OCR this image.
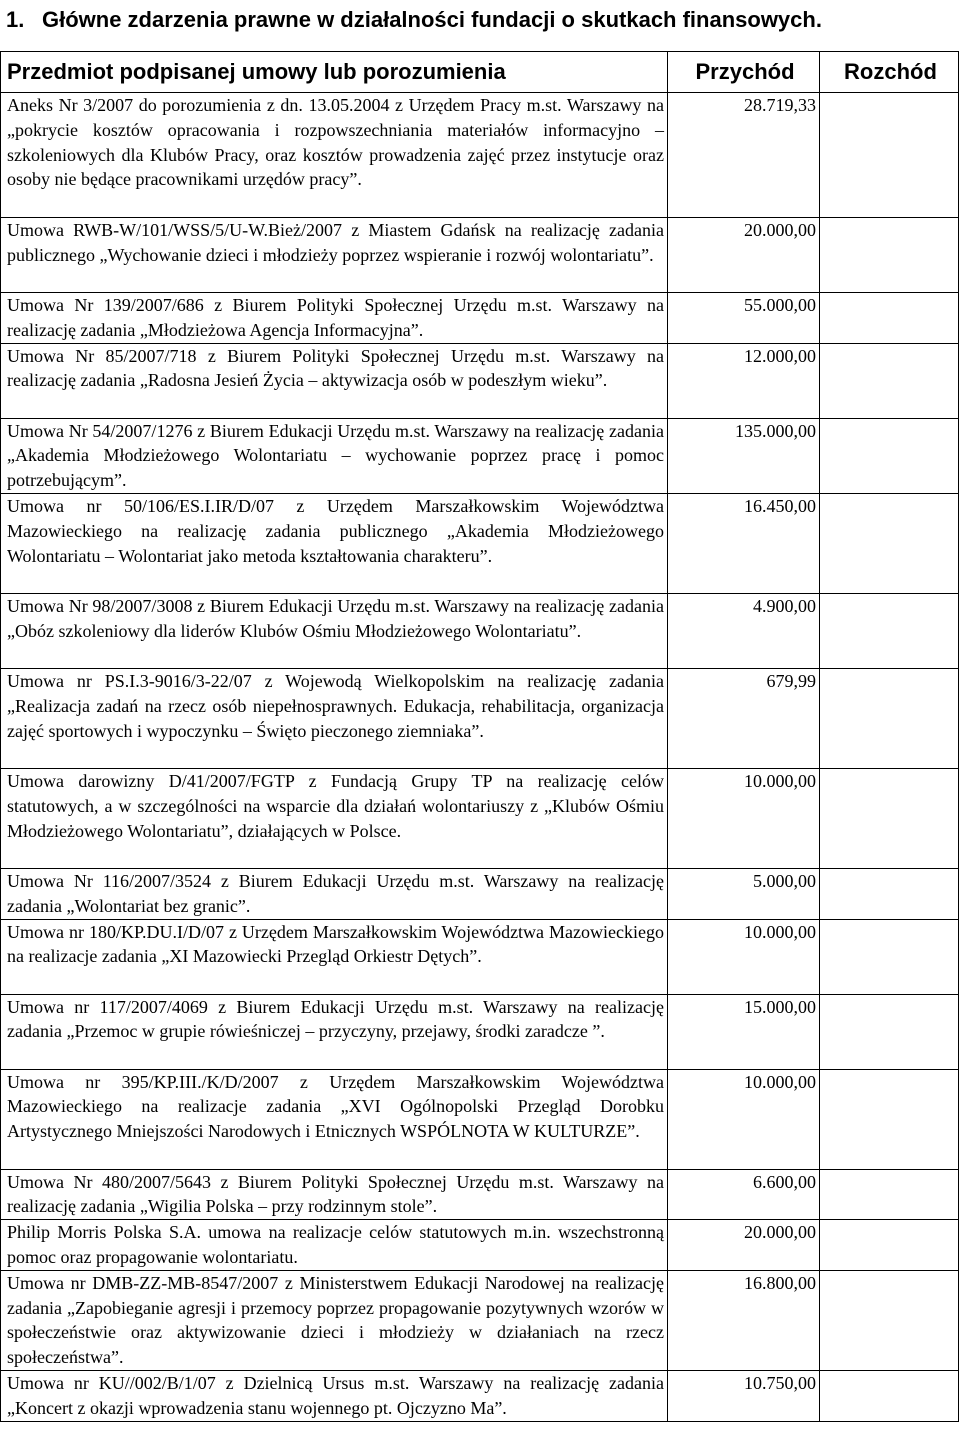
1. Główne zdarzenia prawne w działalności fundacji o skutkach finansowych.
Przedmiot podpisanej umowy lub porozumienia	Przychód	Rozchód
Aneks Nr 3/2007 do porozumienia z dn. 13.05.2004 z Urzędem Pracy m.st. Warszawy na „pokrycie kosztów opracowania i rozpowszechniania materiałów informacyjno – szkoleniowych dla Klubów Pracy, oraz kosztów prowadzenia zajęć przez instytucje oraz osoby nie będące pracownikami urzędów pracy”.	28.719,33	
Umowa RWB-W/101/WSS/5/U-W.Bież/2007 z Miastem Gdańsk na realizację zadania publicznego „Wychowanie dzieci i młodzieży poprzez wspieranie i rozwój wolontariatu”.	20.000,00	
Umowa Nr 139/2007/686 z Biurem Polityki Społecznej Urzędu m.st. Warszawy na realizację zadania „Młodzieżowa Agencja Informacyjna”.	55.000,00	
Umowa Nr 85/2007/718 z Biurem Polityki Społecznej Urzędu m.st. Warszawy na realizację zadania „Radosna Jesień Życia – aktywizacja osób w podeszłym wieku”.	12.000,00	
Umowa Nr 54/2007/1276 z Biurem Edukacji Urzędu m.st. Warszawy na realizację zadania „Akademia Młodzieżowego Wolontariatu – wychowanie poprzez pracę i pomoc potrzebującym”.	135.000,00	
Umowa nr 50/106/ES.I.IR/D/07 z Urzędem Marszałkowskim Województwa Mazowieckiego na realizację zadania publicznego „Akademia Młodzieżowego Wolontariatu – Wolontariat jako metoda kształtowania charakteru”.	16.450,00	
Umowa Nr 98/2007/3008 z Biurem Edukacji Urzędu m.st. Warszawy na realizację zadania „Obóz szkoleniowy dla liderów Klubów Ośmiu Młodzieżowego Wolontariatu”.	4.900,00	
Umowa nr PS.I.3-9016/3-22/07 z Wojewodą Wielkopolskim na realizację zadania „Realizacja zadań na rzecz osób niepełnosprawnych. Edukacja, rehabilitacja, organizacja zajęć sportowych i wypoczynku – Święto pieczonego ziemniaka”.	679,99	
Umowa darowizny D/41/2007/FGTP z Fundacją Grupy TP na realizację celów statutowych, a w szczególności na wsparcie dla działań wolontariuszy z „Klubów Ośmiu Młodzieżowego Wolontariatu”, działających w Polsce.	10.000,00	
Umowa Nr 116/2007/3524 z Biurem Edukacji Urzędu m.st. Warszawy na realizację zadania „Wolontariat bez granic”.	5.000,00	
Umowa nr 180/KP.DU.I/D/07 z Urzędem Marszałkowskim Województwa Mazowieckiego na realizacje zadania „XI Mazowiecki Przegląd Orkiestr Dętych”.	10.000,00	
Umowa nr 117/2007/4069 z Biurem Edukacji Urzędu m.st. Warszawy na realizację zadania „Przemoc w grupie rówieśniczej – przyczyny, przejawy, środki zaradcze ”.	15.000,00	
Umowa nr 395/KP.III./K/D/2007 z Urzędem Marszałkowskim Województwa Mazowieckiego na realizacje zadania „XVI Ogólnopolski Przegląd Dorobku Artystycznego Mniejszości Narodowych i Etnicznych WSPÓLNOTA W KULTURZE”.	10.000,00	
Umowa Nr 480/2007/5643 z Biurem Polityki Społecznej Urzędu m.st. Warszawy na realizację zadania „Wigilia Polska – przy rodzinnym stole”.	6.600,00	
Philip Morris Polska S.A. umowa na realizacje celów statutowych m.in. wszechstronną pomoc oraz propagowanie wolontariatu.	20.000,00	
Umowa nr DMB-ZZ-MB-8547/2007 z Ministerstwem Edukacji Narodowej na realizację zadania „Zapobieganie agresji i przemocy poprzez propagowanie pozytywnych wzorów w społeczeństwie oraz aktywizowanie dzieci i młodzieży w działaniach na rzecz społeczeństwa”.	16.800,00	
Umowa nr KU//002/B/1/07 z Dzielnicą Ursus m.st. Warszawy na realizację zadania „Koncert z okazji wprowadzenia stanu wojennego pt. Ojczyzno Ma”.	10.750,00	
